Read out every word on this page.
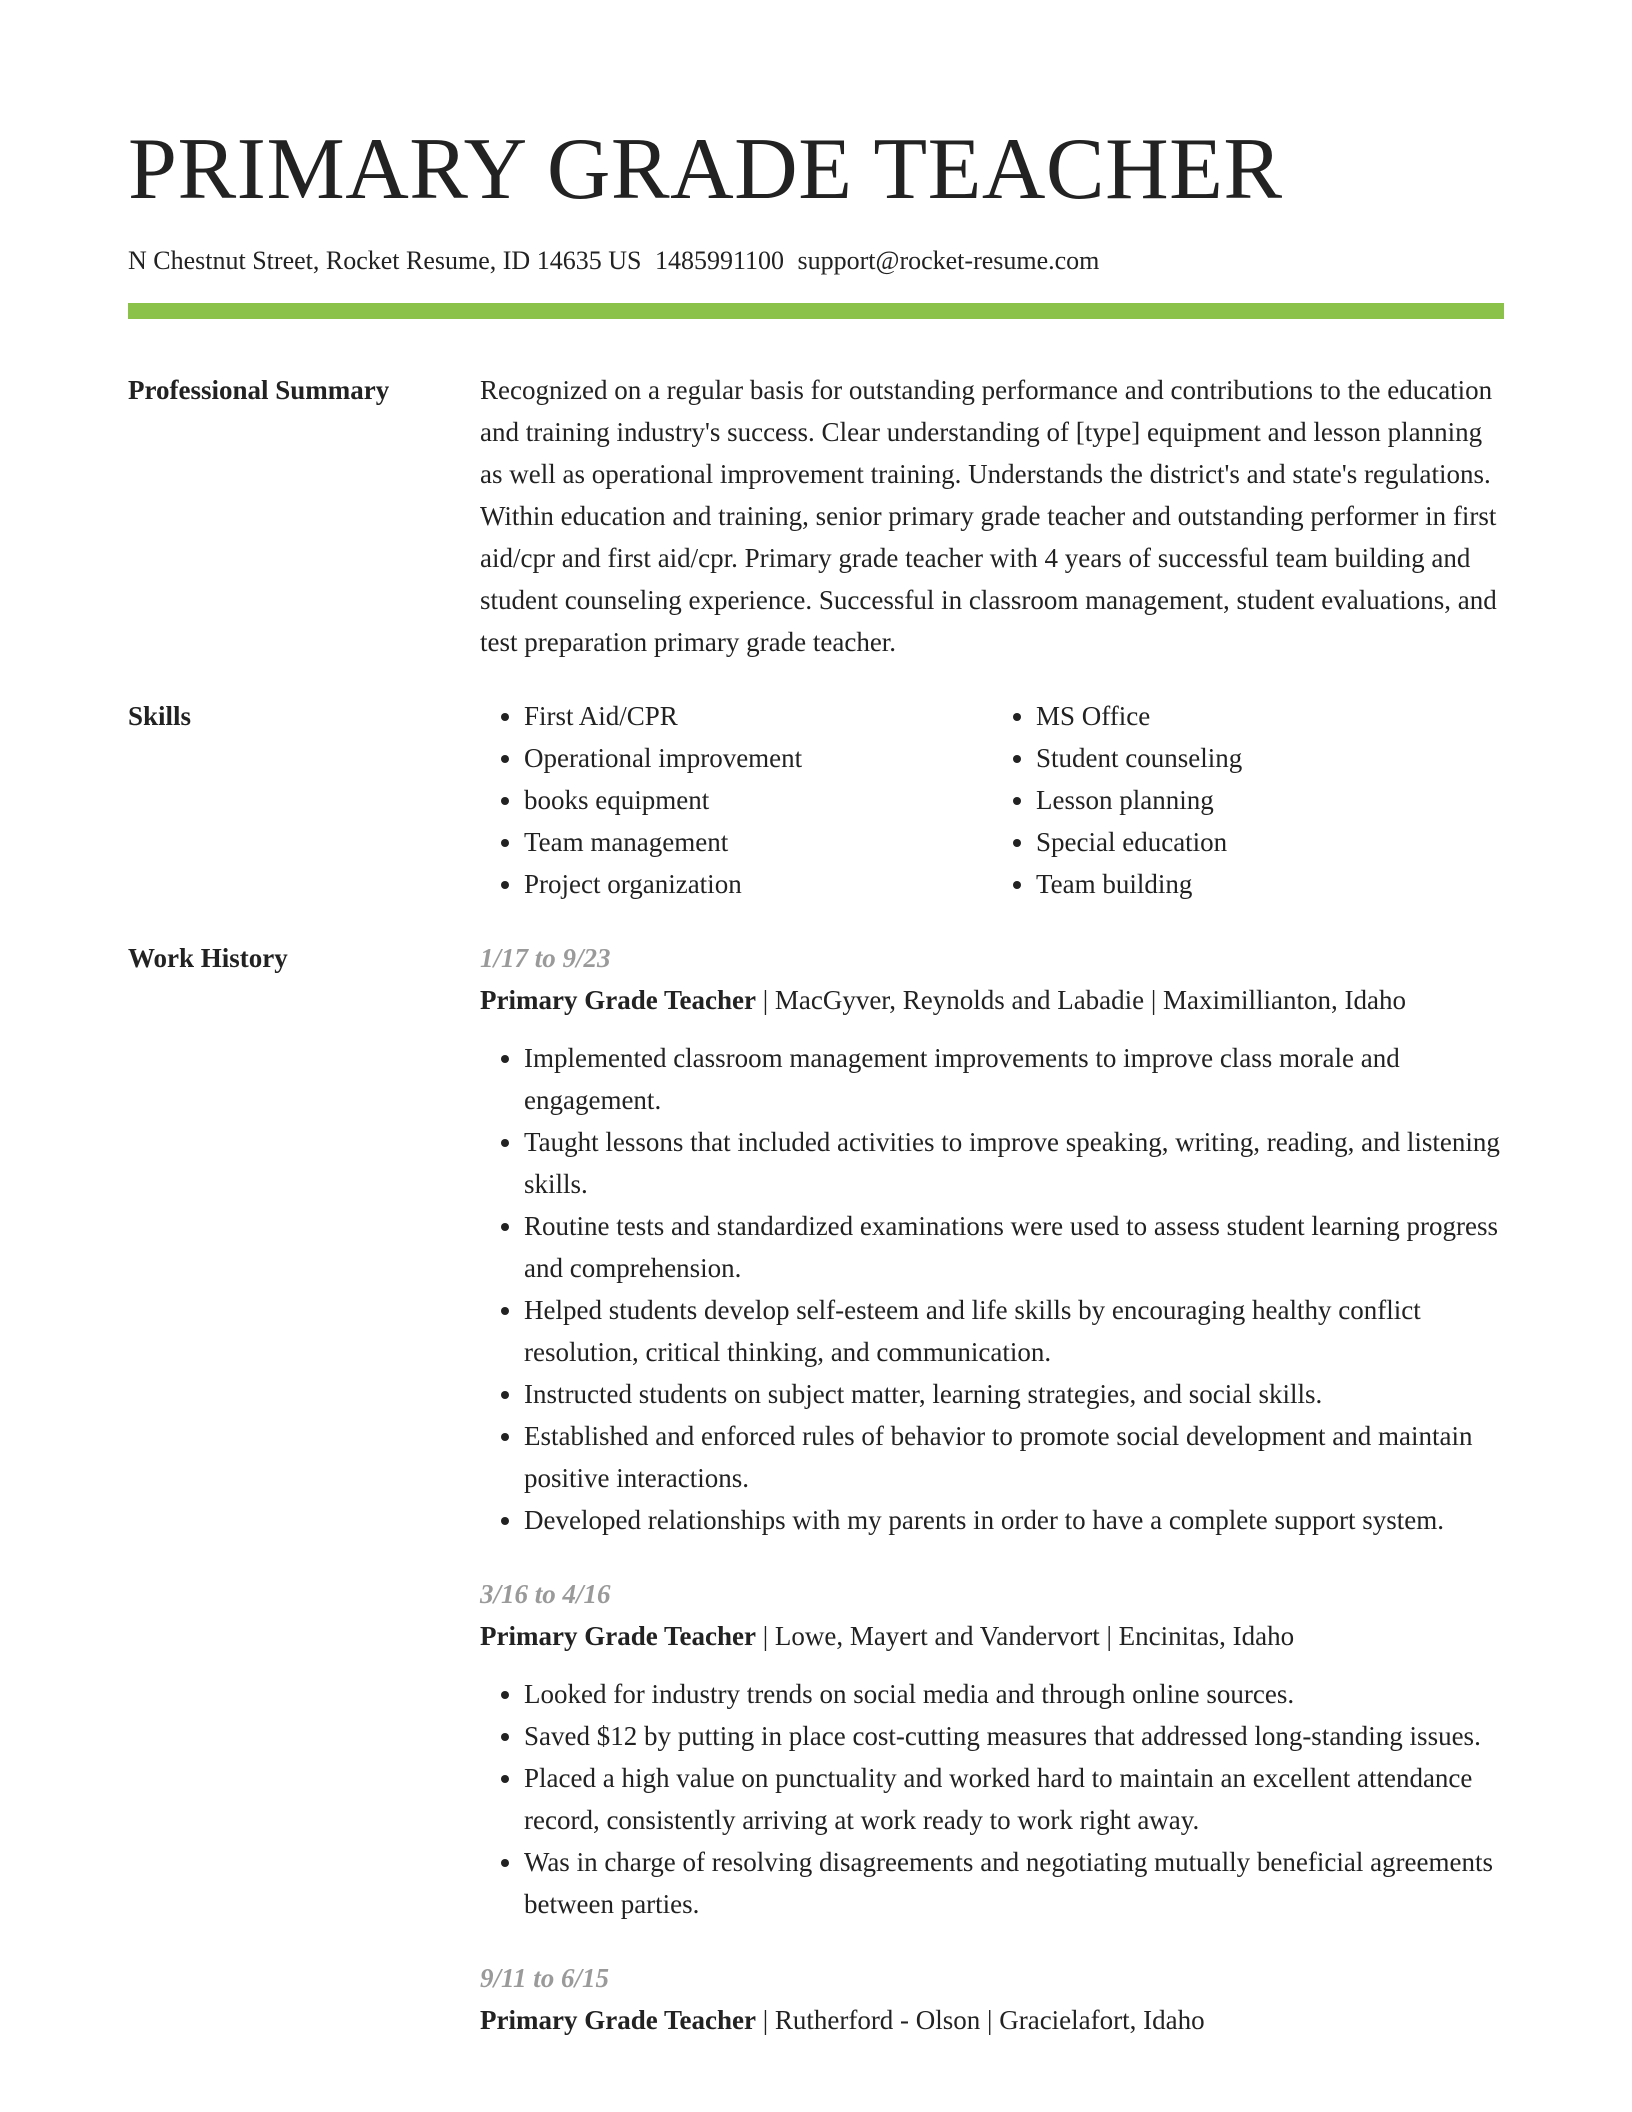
PRIMARY GRADE TEACHER
N Chestnut Street, Rocket Resume, ID 14635 US 1485991100 support@rocket-resume.com
Professional Summary	Recognized on a regular basis for outstanding performance and contributions to the education and training industry's success. Clear understanding of [type] equipment and lesson planning as well as operational improvement training. Understands the district's and state's regulations. Within education and training, senior primary grade teacher and outstanding performer in first aid/cpr and first aid/cpr. Primary grade teacher with 4 years of successful team building and student counseling experience. Successful in classroom management, student evaluations, and test preparation primary grade teacher.
Skills
•	First Aid/CPR
• Operational improvement
• books equipment
• Team management
• Project organization
• MS Office
• Student counseling
• Lesson planning
• Special education
• Team building
Work History	1/17 to 9/23
Primary Grade Teacher | MacGyver, Reynolds and Labadie | Maximillianton, Idaho
• Implemented classroom management improvements to improve class morale and engagement.
• Taught lessons that included activities to improve speaking, writing, reading, and listening skills.
• Routine tests and standardized examinations were used to assess student learning progress and comprehension.
• Helped students develop self-esteem and life skills by encouraging healthy conflict resolution, critical thinking, and communication.
• Instructed students on subject matter, learning strategies, and social skills.
• Established and enforced rules of behavior to promote social development and maintain positive interactions.
• Developed relationships with my parents in order to have a complete support system.
3/16 to 4/16
Primary Grade Teacher | Lowe, Mayert and Vandervort | Encinitas, Idaho
• Looked for industry trends on social media and through online sources.
• Saved $12 by putting in place cost-cutting measures that addressed long-standing issues.
• Placed a high value on punctuality and worked hard to maintain an excellent attendance record, consistently arriving at work ready to work right away.
• Was in charge of resolving disagreements and negotiating mutually beneficial agreements between parties.
9/11 to 6/15
Primary Grade Teacher | Rutherford - Olson | Gracielafort, Idaho
